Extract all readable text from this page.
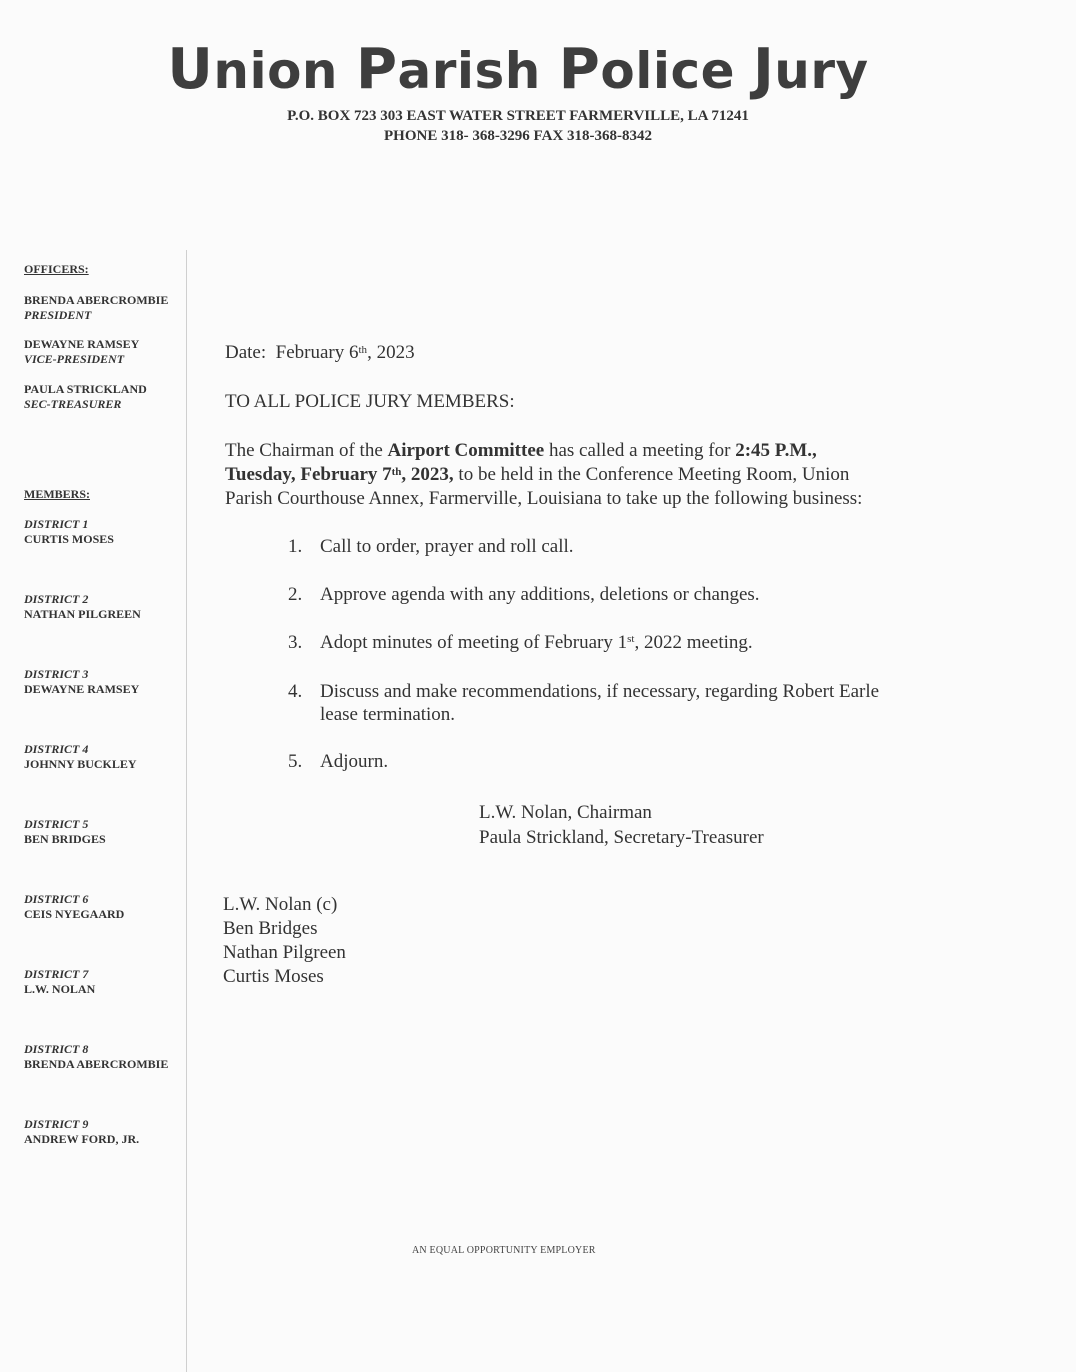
Union Parish Police Jury
P.O. BOX 723 303 EAST WATER STREET FARMERVILLE, LA 71241
PHONE 318- 368-3296 FAX 318-368-8342
OFFICERS:
BRENDA ABERCROMBIE
PRESIDENT
DEWAYNE RAMSEY
VICE-PRESIDENT
PAULA STRICKLAND
SEC-TREASURER
MEMBERS:
DISTRICT 1
CURTIS MOSES
DISTRICT 2
NATHAN PILGREEN
DISTRICT 3
DEWAYNE RAMSEY
DISTRICT 4
JOHNNY BUCKLEY
DISTRICT 5
BEN BRIDGES
DISTRICT 6
CEIS NYEGAARD
DISTRICT 7
L.W. NOLAN
DISTRICT 8
BRENDA ABERCROMBIE
DISTRICT 9
ANDREW FORD, JR.
Date: February 6th, 2023
TO ALL POLICE JURY MEMBERS:
The Chairman of the Airport Committee has called a meeting for 2:45 P.M.,
Tuesday, February 7th, 2023, to be held in the Conference Meeting Room, Union
Parish Courthouse Annex, Farmerville, Louisiana to take up the following business:
1. Call to order, prayer and roll call.
2. Approve agenda with any additions, deletions or changes.
3. Adopt minutes of meeting of February 1st, 2022 meeting.
4. Discuss and make recommendations, if necessary, regarding Robert Earle
lease termination.
5. Adjourn.
L.W. Nolan, Chairman
Paula Strickland, Secretary-Treasurer
L.W. Nolan (c)
Ben Bridges
Nathan Pilgreen
Curtis Moses
AN EQUAL OPPORTUNITY EMPLOYER
